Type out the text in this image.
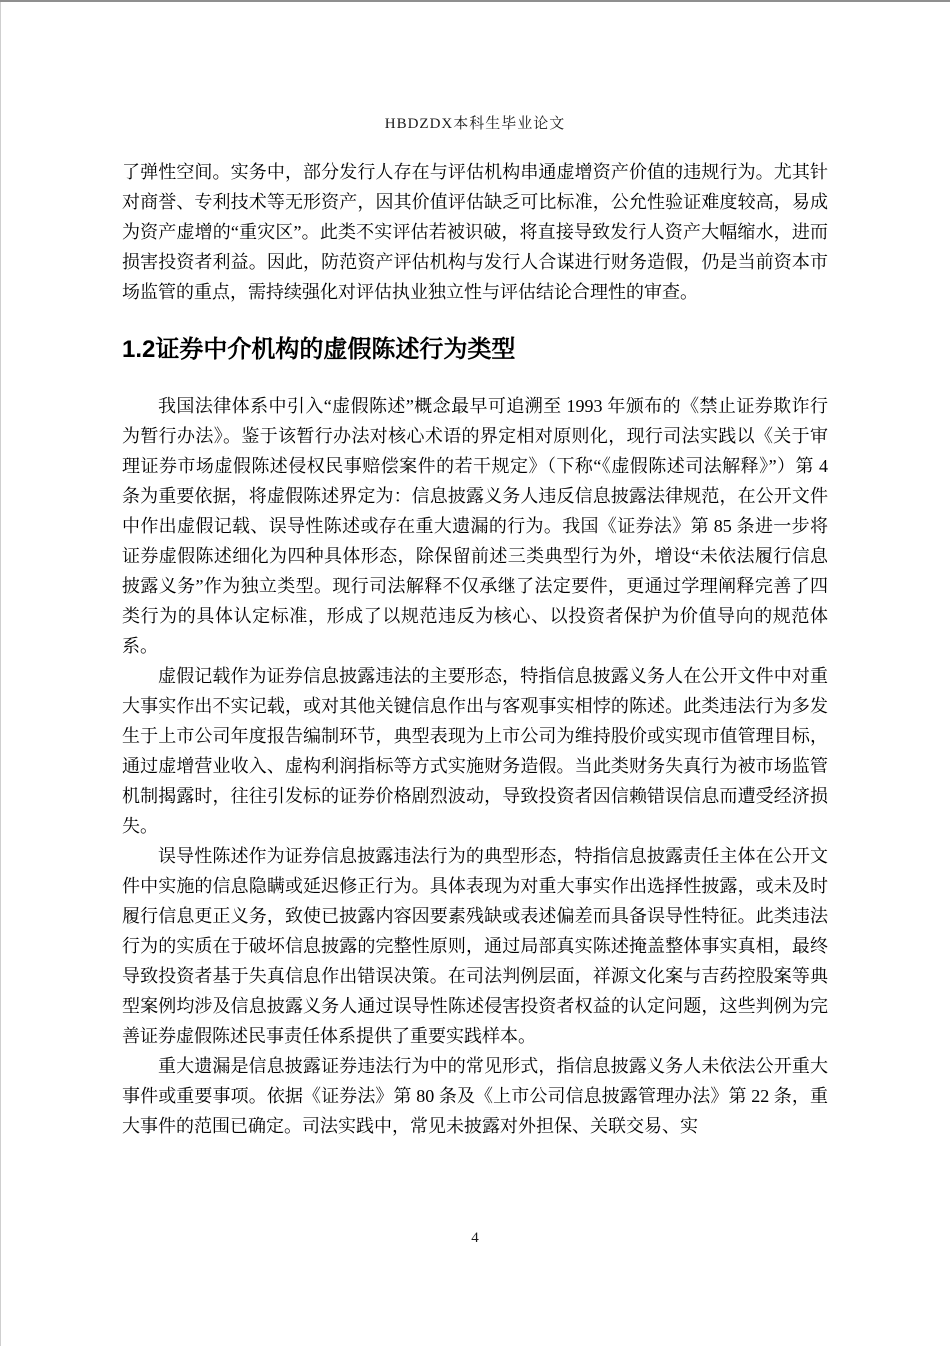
HBDZDX本科生毕业论文

了弹性空间。实务中，部分发行人存在与评估机构串通虚增资产价值的违规行为。尤其针对商誉、专利技术等无形资产，因其价值评估缺乏可比标准，公允性验证难度较高，易成为资产虚增的“重灾区”。此类不实评估若被识破，将直接导致发行人资产大幅缩水，进而损害投资者利益。因此，防范资产评估机构与发行人合谋进行财务造假，仍是当前资本市场监管的重点，需持续强化对评估执业独立性与评估结论合理性的审查。

1.2证券中介机构的虚假陈述行为类型

我国法律体系中引入“虚假陈述”概念最早可追溯至 1993 年颁布的《禁止证券欺诈行为暂行办法》。鉴于该暂行办法对核心术语的界定相对原则化，现行司法实践以《关于审理证券市场虚假陈述侵权民事赔偿案件的若干规定》（下称“《虚假陈述司法解释》”）第 4 条为重要依据，将虚假陈述界定为：信息披露义务人违反信息披露法律规范，在公开文件中作出虚假记载、误导性陈述或存在重大遗漏的行为。我国《证券法》第 85 条进一步将证券虚假陈述细化为四种具体形态，除保留前述三类典型行为外，增设“未依法履行信息披露义务”作为独立类型。现行司法解释不仅承继了法定要件，更通过学理阐释完善了四类行为的具体认定标准，形成了以规范违反为核心、以投资者保护为价值导向的规范体系。

虚假记载作为证券信息披露违法的主要形态，特指信息披露义务人在公开文件中对重大事实作出不实记载，或对其他关键信息作出与客观事实相悖的陈述。此类违法行为多发生于上市公司年度报告编制环节，典型表现为上市公司为维持股价或实现市值管理目标，通过虚增营业收入、虚构利润指标等方式实施财务造假。当此类财务失真行为被市场监管机制揭露时，往往引发标的证券价格剧烈波动，导致投资者因信赖错误信息而遭受经济损失。

误导性陈述作为证券信息披露违法行为的典型形态，特指信息披露责任主体在公开文件中实施的信息隐瞒或延迟修正行为。具体表现为对重大事实作出选择性披露，或未及时履行信息更正义务，致使已披露内容因要素残缺或表述偏差而具备误导性特征。此类违法行为的实质在于破坏信息披露的完整性原则，通过局部真实陈述掩盖整体事实真相，最终导致投资者基于失真信息作出错误决策。在司法判例层面，祥源文化案与吉药控股案等典型案例均涉及信息披露义务人通过误导性陈述侵害投资者权益的认定问题，这些判例为完善证券虚假陈述民事责任体系提供了重要实践样本。

重大遗漏是信息披露证券违法行为中的常见形式，指信息披露义务人未依法公开重大事件或重要事项。依据《证券法》第 80 条及《上市公司信息披露管理办法》第 22 条，重大事件的范围已确定。司法实践中，常见未披露对外担保、关联交易、实

4
